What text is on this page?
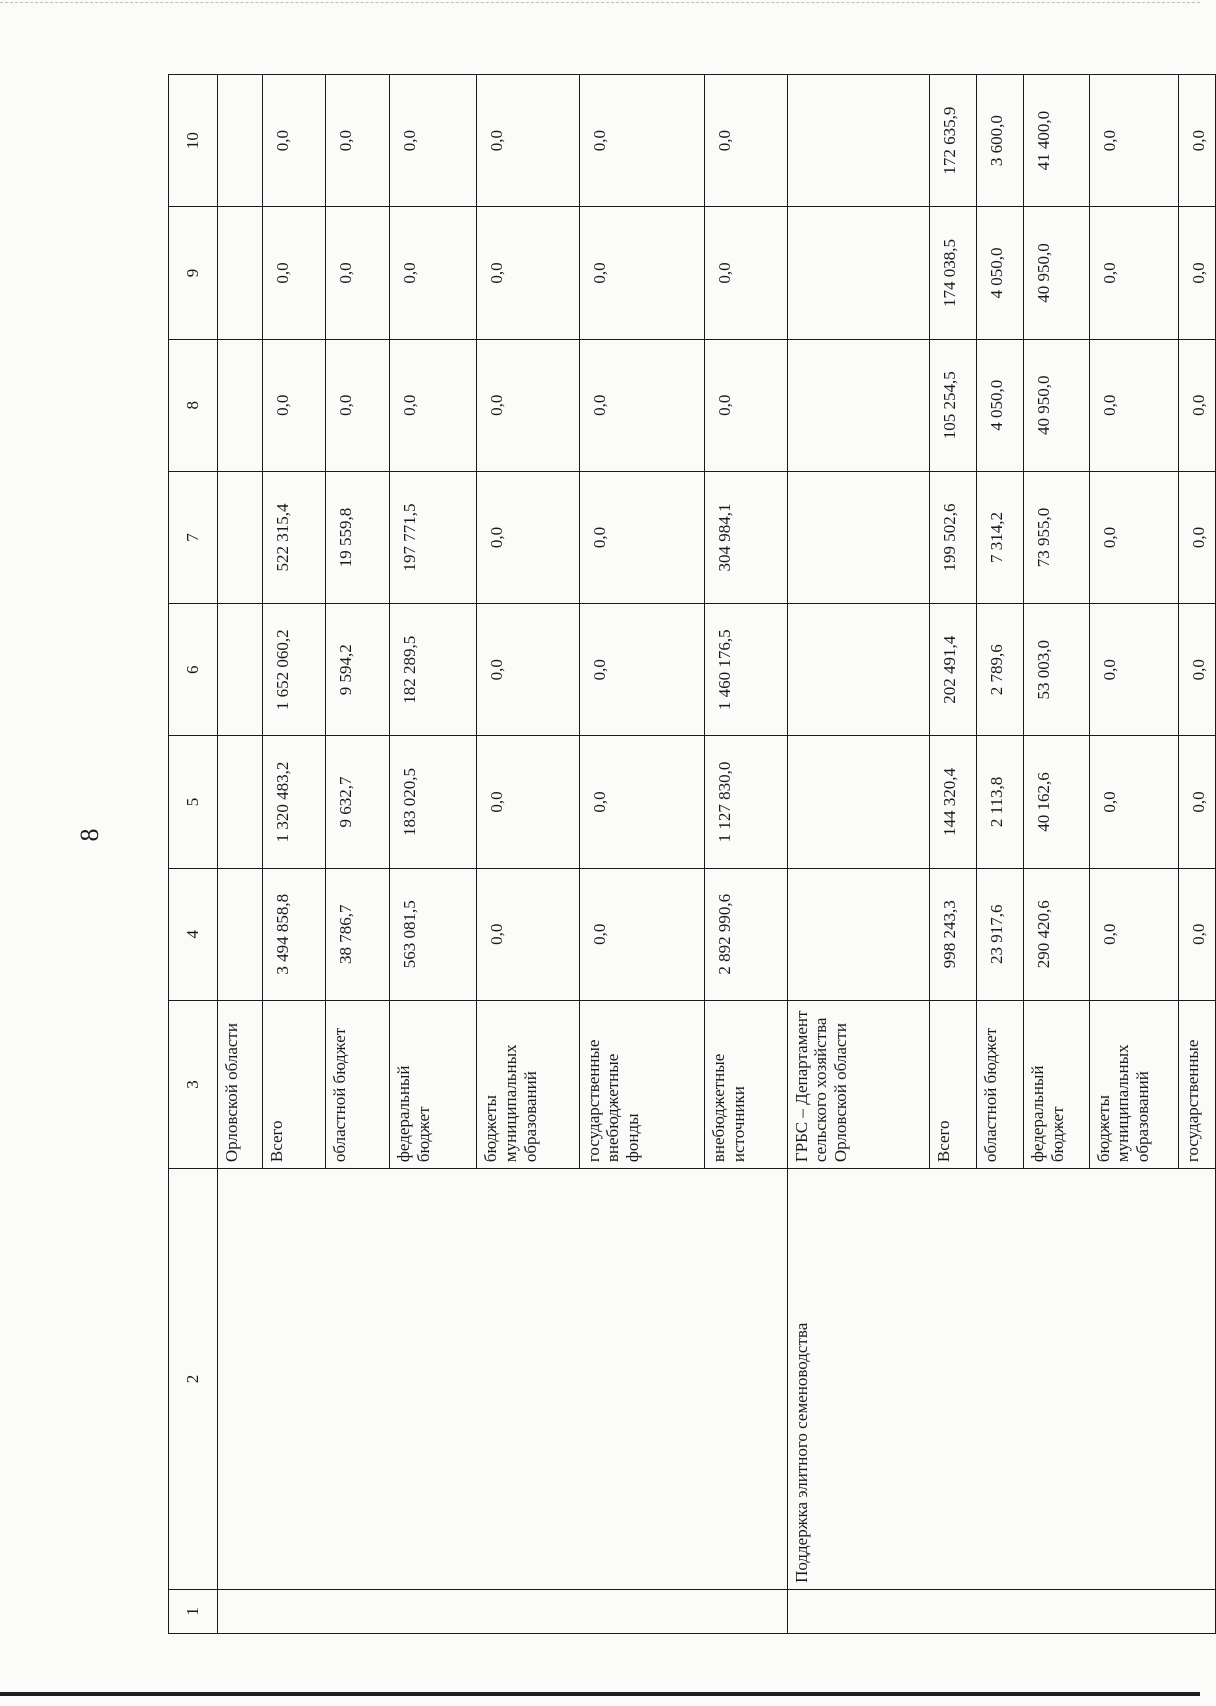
8
1	2	3	4	5	6	7	8	9	10
		Орловской области							
		Всего	3 494 858,8	1 320 483,2	1 652 060,2	522 315,4	0,0	0,0	0,0
		областной бюджет	38 786,7	9 632,7	9 594,2	19 559,8	0,0	0,0	0,0
		федеральный бюджет	563 081,5	183 020,5	182 289,5	197 771,5	0,0	0,0	0,0
		бюджеты муниципальных образований	0,0	0,0	0,0	0,0	0,0	0,0	0,0
		государственные внебюджетные фонды	0,0	0,0	0,0	0,0	0,0	0,0	0,0
		внебюджетные источники	2 892 990,6	1 127 830,0	1 460 176,5	304 984,1	0,0	0,0	0,0
	Поддержка элитного семеноводства	ГРБС – Департамент сельского хозяйства Орловской области							
		Всего	998 243,3	144 320,4	202 491,4	199 502,6	105 254,5	174 038,5	172 635,9
		областной бюджет	23 917,6	2 113,8	2 789,6	7 314,2	4 050,0	4 050,0	3 600,0
		федеральный бюджет	290 420,6	40 162,6	53 003,0	73 955,0	40 950,0	40 950,0	41 400,0
		бюджеты муниципальных образований	0,0	0,0	0,0	0,0	0,0	0,0	0,0
		государственные	0,0	0,0	0,0	0,0	0,0	0,0	0,0
